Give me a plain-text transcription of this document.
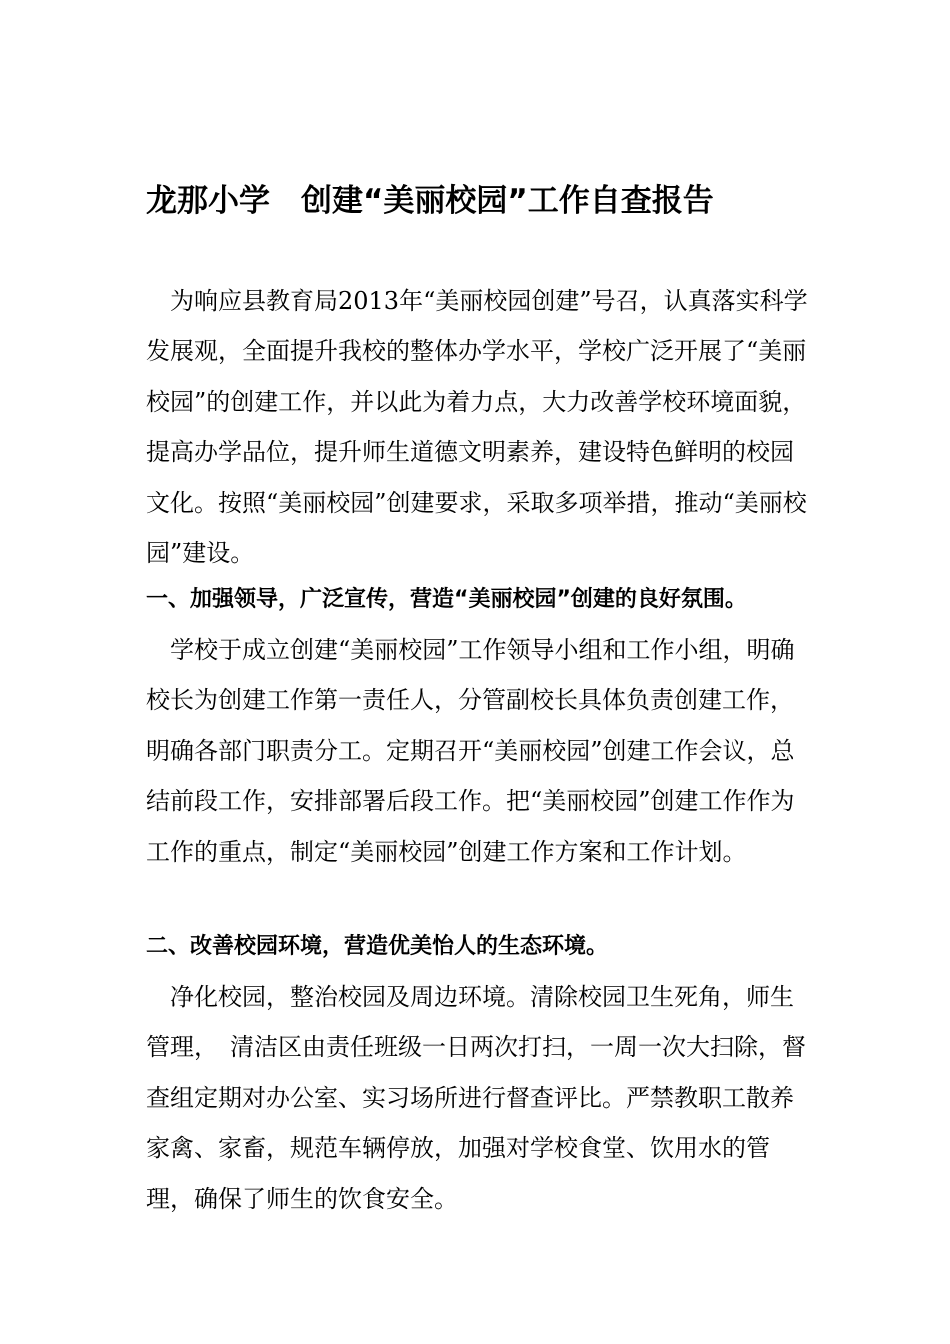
龙那小学　创建“美丽校园”工作自查报告

为响应县教育局2013年“美丽校园创建”号召，认真落实科学发展观，全面提升我校的整体办学水平，学校广泛开展了“美丽校园”的创建工作，并以此为着力点，大力改善学校环境面貌，提高办学品位，提升师生道德文明素养，建设特色鲜明的校园文化。按照“美丽校园”创建要求，采取多项举措，推动“美丽校园”建设。

一、加强领导，广泛宣传，营造“美丽校园”创建的良好氛围。

学校于成立创建“美丽校园”工作领导小组和工作小组，明确校长为创建工作第一责任人，分管副校长具体负责创建工作，明确各部门职责分工。定期召开“美丽校园”创建工作会议，总结前段工作，安排部署后段工作。把“美丽校园”创建工作作为工作的重点，制定“美丽校园”创建工作方案和工作计划。

二、改善校园环境，营造优美怡人的生态环境。

净化校园，整治校园及周边环境。清除校园卫生死角，师生管理，　清洁区由责任班级一日两次打扫，一周一次大扫除，督查组定期对办公室、实习场所进行督查评比。严禁教职工散养家禽、家畜，规范车辆停放，加强对学校食堂、饮用水的管理，确保了师生的饮食安全。
